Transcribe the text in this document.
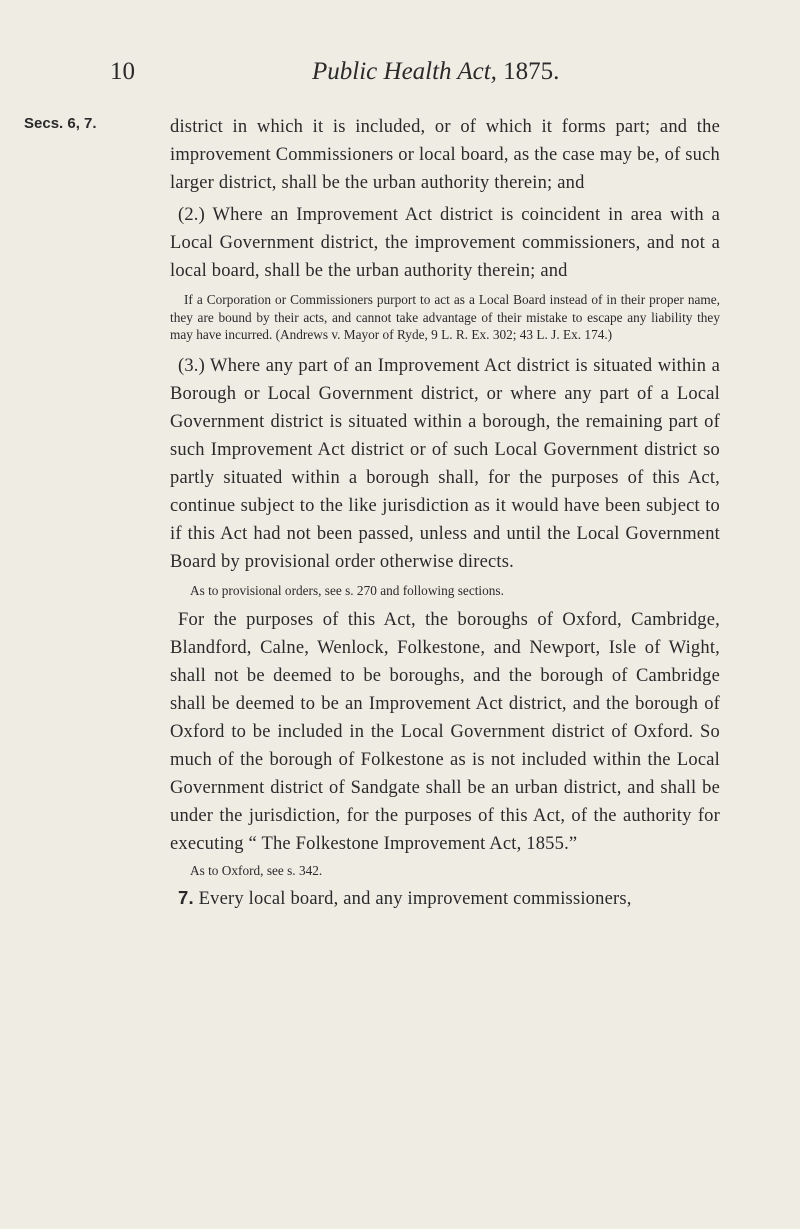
10	Public Health Act, 1875.
Secs. 6, 7.	district in which it is included, or of which it forms part; and the improvement Commissioners or local board, as the case may be, of such larger district, shall be the urban authority therein; and

(2.) Where an Improvement Act district is coincident in area with a Local Government district, the improvement commissioners, and not a local board, shall be the urban authority therein; and

If a Corporation or Commissioners purport to act as a Local Board instead of in their proper name, they are bound by their acts, and cannot take advantage of their mistake to escape any liability they may have incurred. (Andrews v. Mayor of Ryde, 9 L. R. Ex. 302; 43 L. J. Ex. 174.)

(3.) Where any part of an Improvement Act district is situated within a Borough or Local Government district, or where any part of a Local Government district is situated within a borough, the remaining part of such Improvement Act district or of such Local Government district so partly situated within a borough shall, for the purposes of this Act, continue subject to the like jurisdiction as it would have been subject to if this Act had not been passed, unless and until the Local Government Board by provisional order otherwise directs.

As to provisional orders, see s. 270 and following sections.

For the purposes of this Act, the boroughs of Oxford, Cambridge, Blandford, Calne, Wenlock, Folkestone, and Newport, Isle of Wight, shall not be deemed to be boroughs, and the borough of Cambridge shall be deemed to be an Improvement Act district, and the borough of Oxford to be included in the Local Government district of Oxford. So much of the borough of Folkestone as is not included within the Local Government district of Sandgate shall be an urban district, and shall be under the jurisdiction, for the purposes of this Act, of the authority for executing “ The Folkestone Improvement Act, 1855.”

As to Oxford, see s. 342.

7. Every local board, and any improvement commissioners,
